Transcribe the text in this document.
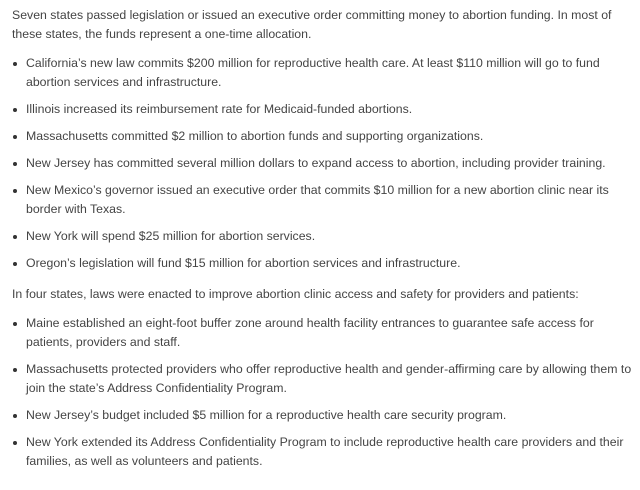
Seven states passed legislation or issued an executive order committing money to abortion funding. In most of these states, the funds represent a one-time allocation.

California’s new law commits $200 million for reproductive health care. At least $110 million will go to fund abortion services and infrastructure.
Illinois increased its reimbursement rate for Medicaid-funded abortions.
Massachusetts committed $2 million to abortion funds and supporting organizations.
New Jersey has committed several million dollars to expand access to abortion, including provider training.
New Mexico’s governor issued an executive order that commits $10 million for a new abortion clinic near its border with Texas.
New York will spend $25 million for abortion services.
Oregon’s legislation will fund $15 million for abortion services and infrastructure.

In four states, laws were enacted to improve abortion clinic access and safety for providers and patients:

Maine established an eight-foot buffer zone around health facility entrances to guarantee safe access for patients, providers and staff.
Massachusetts protected providers who offer reproductive health and gender-affirming care by allowing them to join the state’s Address Confidentiality Program.
New Jersey’s budget included $5 million for a reproductive health care security program.
New York extended its Address Confidentiality Program to include reproductive health care providers and their families, as well as volunteers and patients.
